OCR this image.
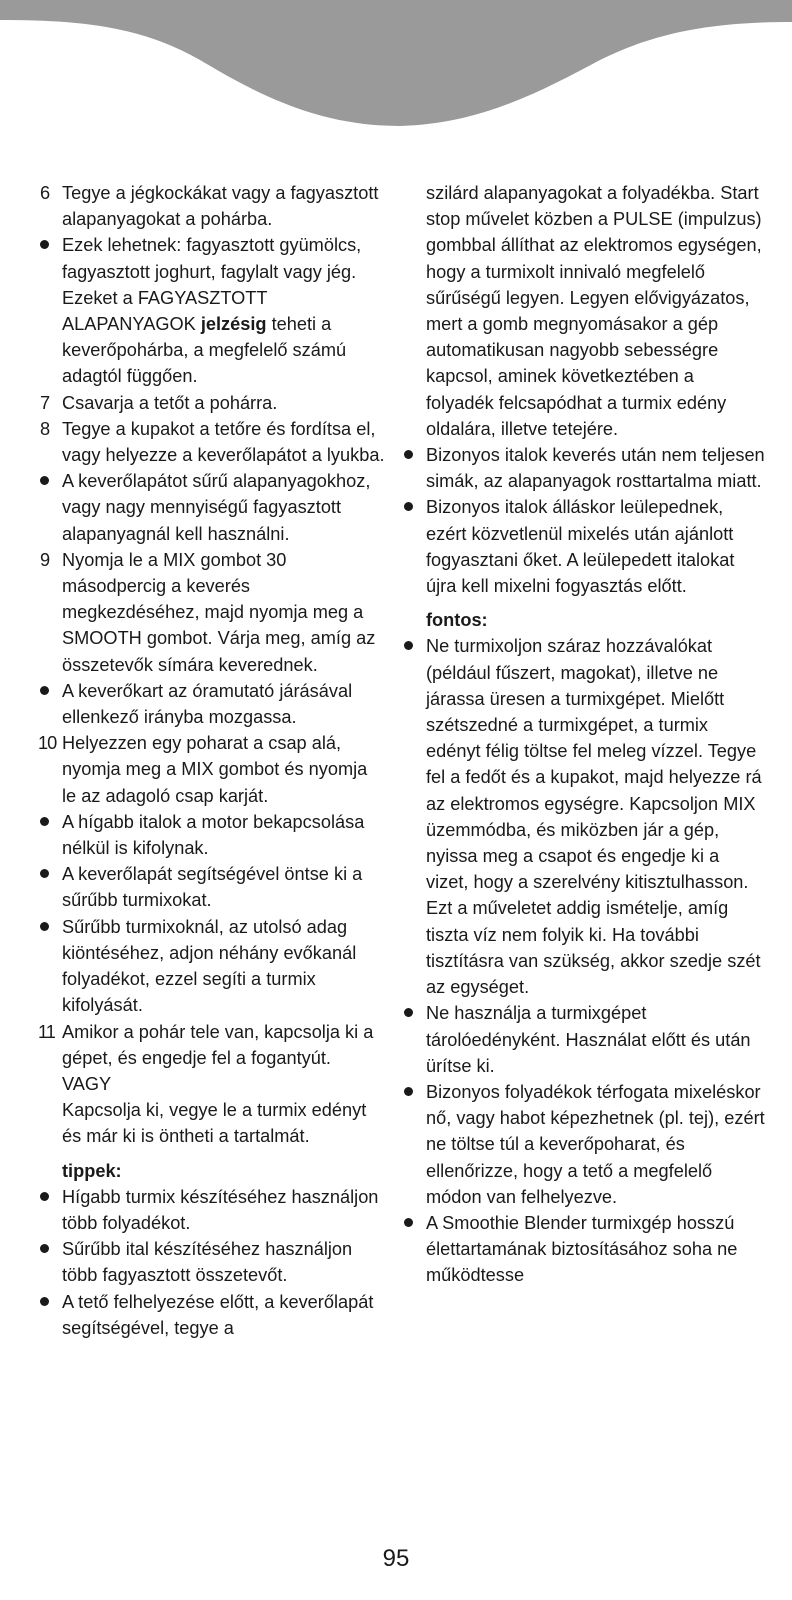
6 Tegye a jégkockákat vagy a fagyasztott alapanyagokat a pohárba.
Ezek lehetnek: fagyasztott gyümölcs, fagyasztott joghurt, fagylalt vagy jég. Ezeket a FAGYASZTOTT ALAPANYAGOK jelzésig teheti a keverőpohárba, a megfelelő számú adagtól függően.
7 Csavarja a tetőt a pohárra.
8 Tegye a kupakot a tetőre és fordítsa el, vagy helyezze a keverőlapátot a lyukba.
A keverőlapátot sűrű alapanyagokhoz, vagy nagy mennyiségű fagyasztott alapanyagnál kell használni.
9 Nyomja le a MIX gombot 30 másodpercig a keverés megkezdéséhez, majd nyomja meg a SMOOTH gombot. Várja meg, amíg az összetevők símára keverednek.
A keverőkart az óramutató járásával ellenkező irányba mozgassa.
10 Helyezzen egy poharat a csap alá, nyomja meg a MIX gombot és nyomja le az adagoló csap karját.
A hígabb italok a motor bekapcsolása nélkül is kifolynak.
A keverőlapát segítségével öntse ki a sűrűbb turmixokat.
Sűrűbb turmixoknál, az utolsó adag kiöntéséhez, adjon néhány evőkanál folyadékot, ezzel segíti a turmix kifolyását.
11 Amikor a pohár tele van, kapcsolja ki a gépet, és engedje fel a fogantyút.
VAGY
Kapcsolja ki, vegye le a turmix edényt és már ki is öntheti a tartalmát.
tippek:
Hígabb turmix készítéséhez használjon több folyadékot.
Sűrűbb ital készítéséhez használjon több fagyasztott összetevőt.
A tető felhelyezése előtt, a keverőlapát segítségével, tegye a
szilárd alapanyagokat a folyadékba. Start stop művelet közben a PULSE (impulzus) gombbal állíthat az elektromos egységen, hogy a turmixolt innivaló megfelelő sűrűségű legyen. Legyen elővigyázatos, mert a gomb megnyomásakor a gép automatikusan nagyobb sebességre kapcsol, aminek következtében a folyadék felcsapódhat a turmix edény oldalára, illetve tetejére.
Bizonyos italok keverés után nem teljesen simák, az alapanyagok rosttartalma miatt.
Bizonyos italok álláskor leülepednek, ezért közvetlenül mixelés után ajánlott fogyasztani őket. A leülepedett italokat újra kell mixelni fogyasztás előtt.
fontos:
Ne turmixoljon száraz hozzávalókat (például fűszert, magokat), illetve ne járassa üresen a turmixgépet. Mielőtt szétszedné a turmixgépet, a turmix edényt félig töltse fel meleg vízzel. Tegye fel a fedőt és a kupakot, majd helyezze rá az elektromos egységre. Kapcsoljon MIX üzemmódba, és miközben jár a gép, nyissa meg a csapot és engedje ki a vizet, hogy a szerelvény kitisztulhasson. Ezt a műveletet addig ismételje, amíg tiszta víz nem folyik ki. Ha további tisztításra van szükség, akkor szedje szét az egységet.
Ne használja a turmixgépet tárolóedényként. Használat előtt és után ürítse ki.
Bizonyos folyadékok térfogata mixeléskor nő, vagy habot képezhetnek (pl. tej), ezért ne töltse túl a keverőpoharat, és ellenőrizze, hogy a tető a megfelelő módon van felhelyezve.
A Smoothie Blender turmixgép hosszú élettartamának biztosításához soha ne működtesse
95
